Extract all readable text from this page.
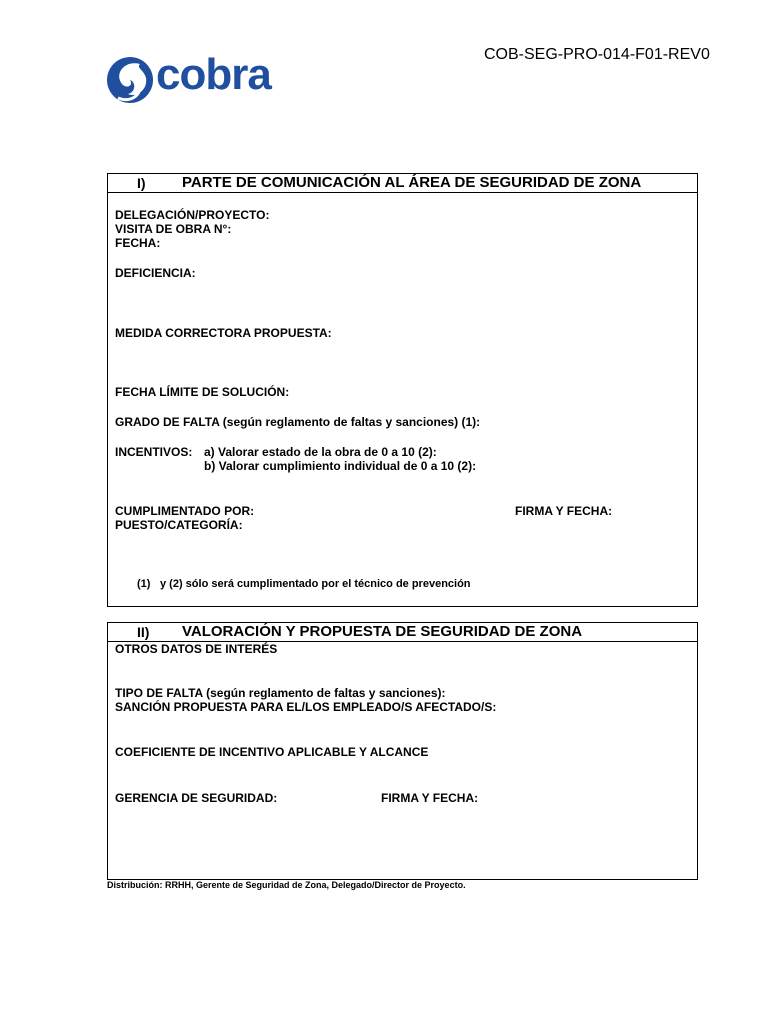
cobra	COB-SEG-PRO-014-F01-REV0
I) PARTE DE COMUNICACIÓN AL ÁREA DE SEGURIDAD DE ZONA
DELEGACIÓN/PROYECTO:
VISITA DE OBRA N°:
FECHA:
DEFICIENCIA:
MEDIDA CORRECTORA PROPUESTA:
FECHA LÍMITE DE SOLUCIÓN:
GRADO DE FALTA (según reglamento de faltas y sanciones) (1):
INCENTIVOS: a) Valorar estado de la obra de 0 a 10 (2):
b) Valorar cumplimiento individual de 0 a 10 (2):
CUMPLIMENTADO POR:	FIRMA Y FECHA:
PUESTO/CATEGORÍA:
(1) y (2) sólo será cumplimentado por el técnico de prevención
II) VALORACIÓN Y PROPUESTA DE SEGURIDAD DE ZONA
OTROS DATOS DE INTERÉS
TIPO DE FALTA (según reglamento de faltas y sanciones):
SANCIÓN PROPUESTA PARA EL/LOS EMPLEADO/S AFECTADO/S:
COEFICIENTE DE INCENTIVO APLICABLE Y ALCANCE
GERENCIA DE SEGURIDAD:	FIRMA Y FECHA:
Distribución: RRHH, Gerente de Seguridad de Zona, Delegado/Director de Proyecto.
